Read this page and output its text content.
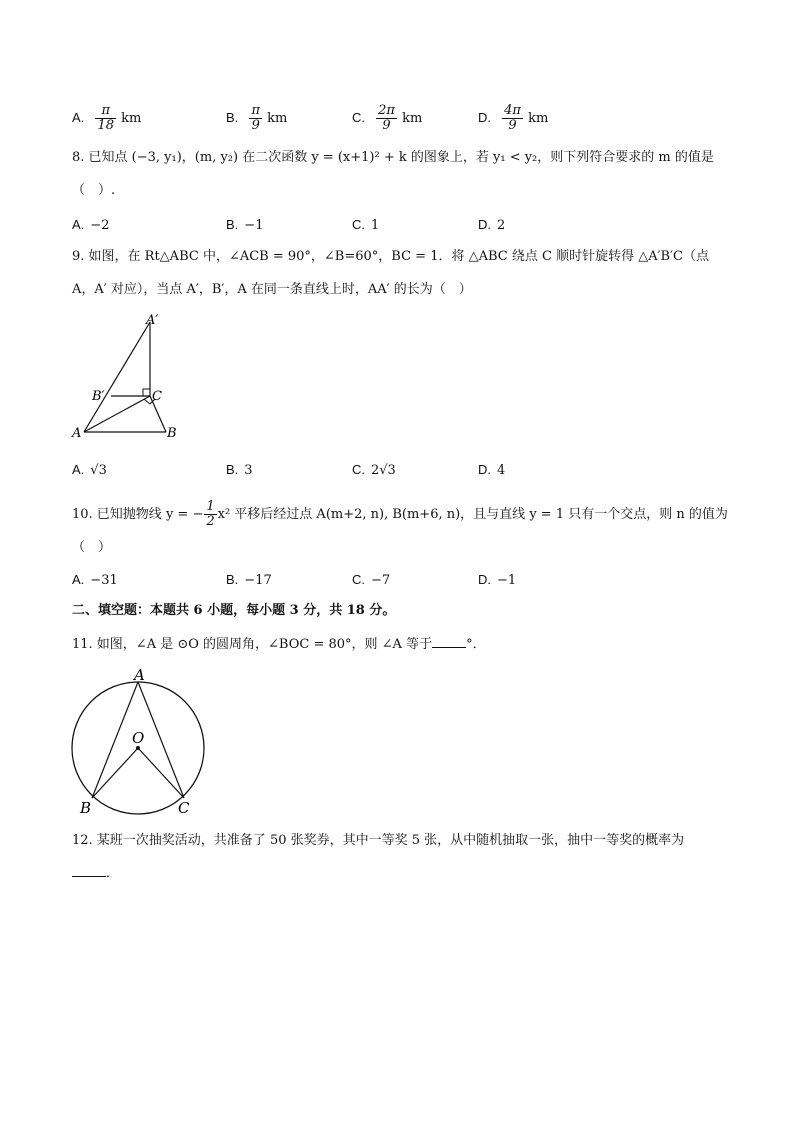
A. $\frac{\pi}{18}$ km	B. $\frac{\pi}{9}$ km	C. $\frac{2\pi}{9}$ km	D. $\frac{4\pi}{9}$ km
8. 已知点 (−3, y₁)，(m, y₂) 在二次函数 y = (x+1)² + k 的图象上，若 y₁ < y₂，则下列符合要求的 m 的值是
（　）.
A. −2	B. −1	C. 1	D. 2
9. 如图，在 Rt△ABC 中，∠ACB = 90°，∠B=60°，BC = 1．将 △ABC 绕点 C 顺时针旋转得 △A′B′C（点
A，A′ 对应），当点 A′，B′，A 在同一条直线上时，AA′ 的长为（　）
A′
B′	C
A	B
A. √3	B. 3	C. 2√3	D. 4
10. 已知抛物线 y = − $\frac{1}{2} x^2$ 平移后经过点 A(m+2, n), B(m+6, n)，且与直线 y = 1 只有一个交点，则 n 的值为
（　）
A. −31	B. −17	C. −7	D. −1
二、填空题：本题共 6 小题，每小题 3 分，共 18 分。
11. 如图，∠A 是 ⊙O 的圆周角，∠BOC = 80°，则 ∠A 等于	°．
A
O
B	C
12. 某班一次抽奖活动，共准备了 50 张奖券，其中一等奖 5 张，从中随机抽取一张，抽中一等奖的概率为
．
